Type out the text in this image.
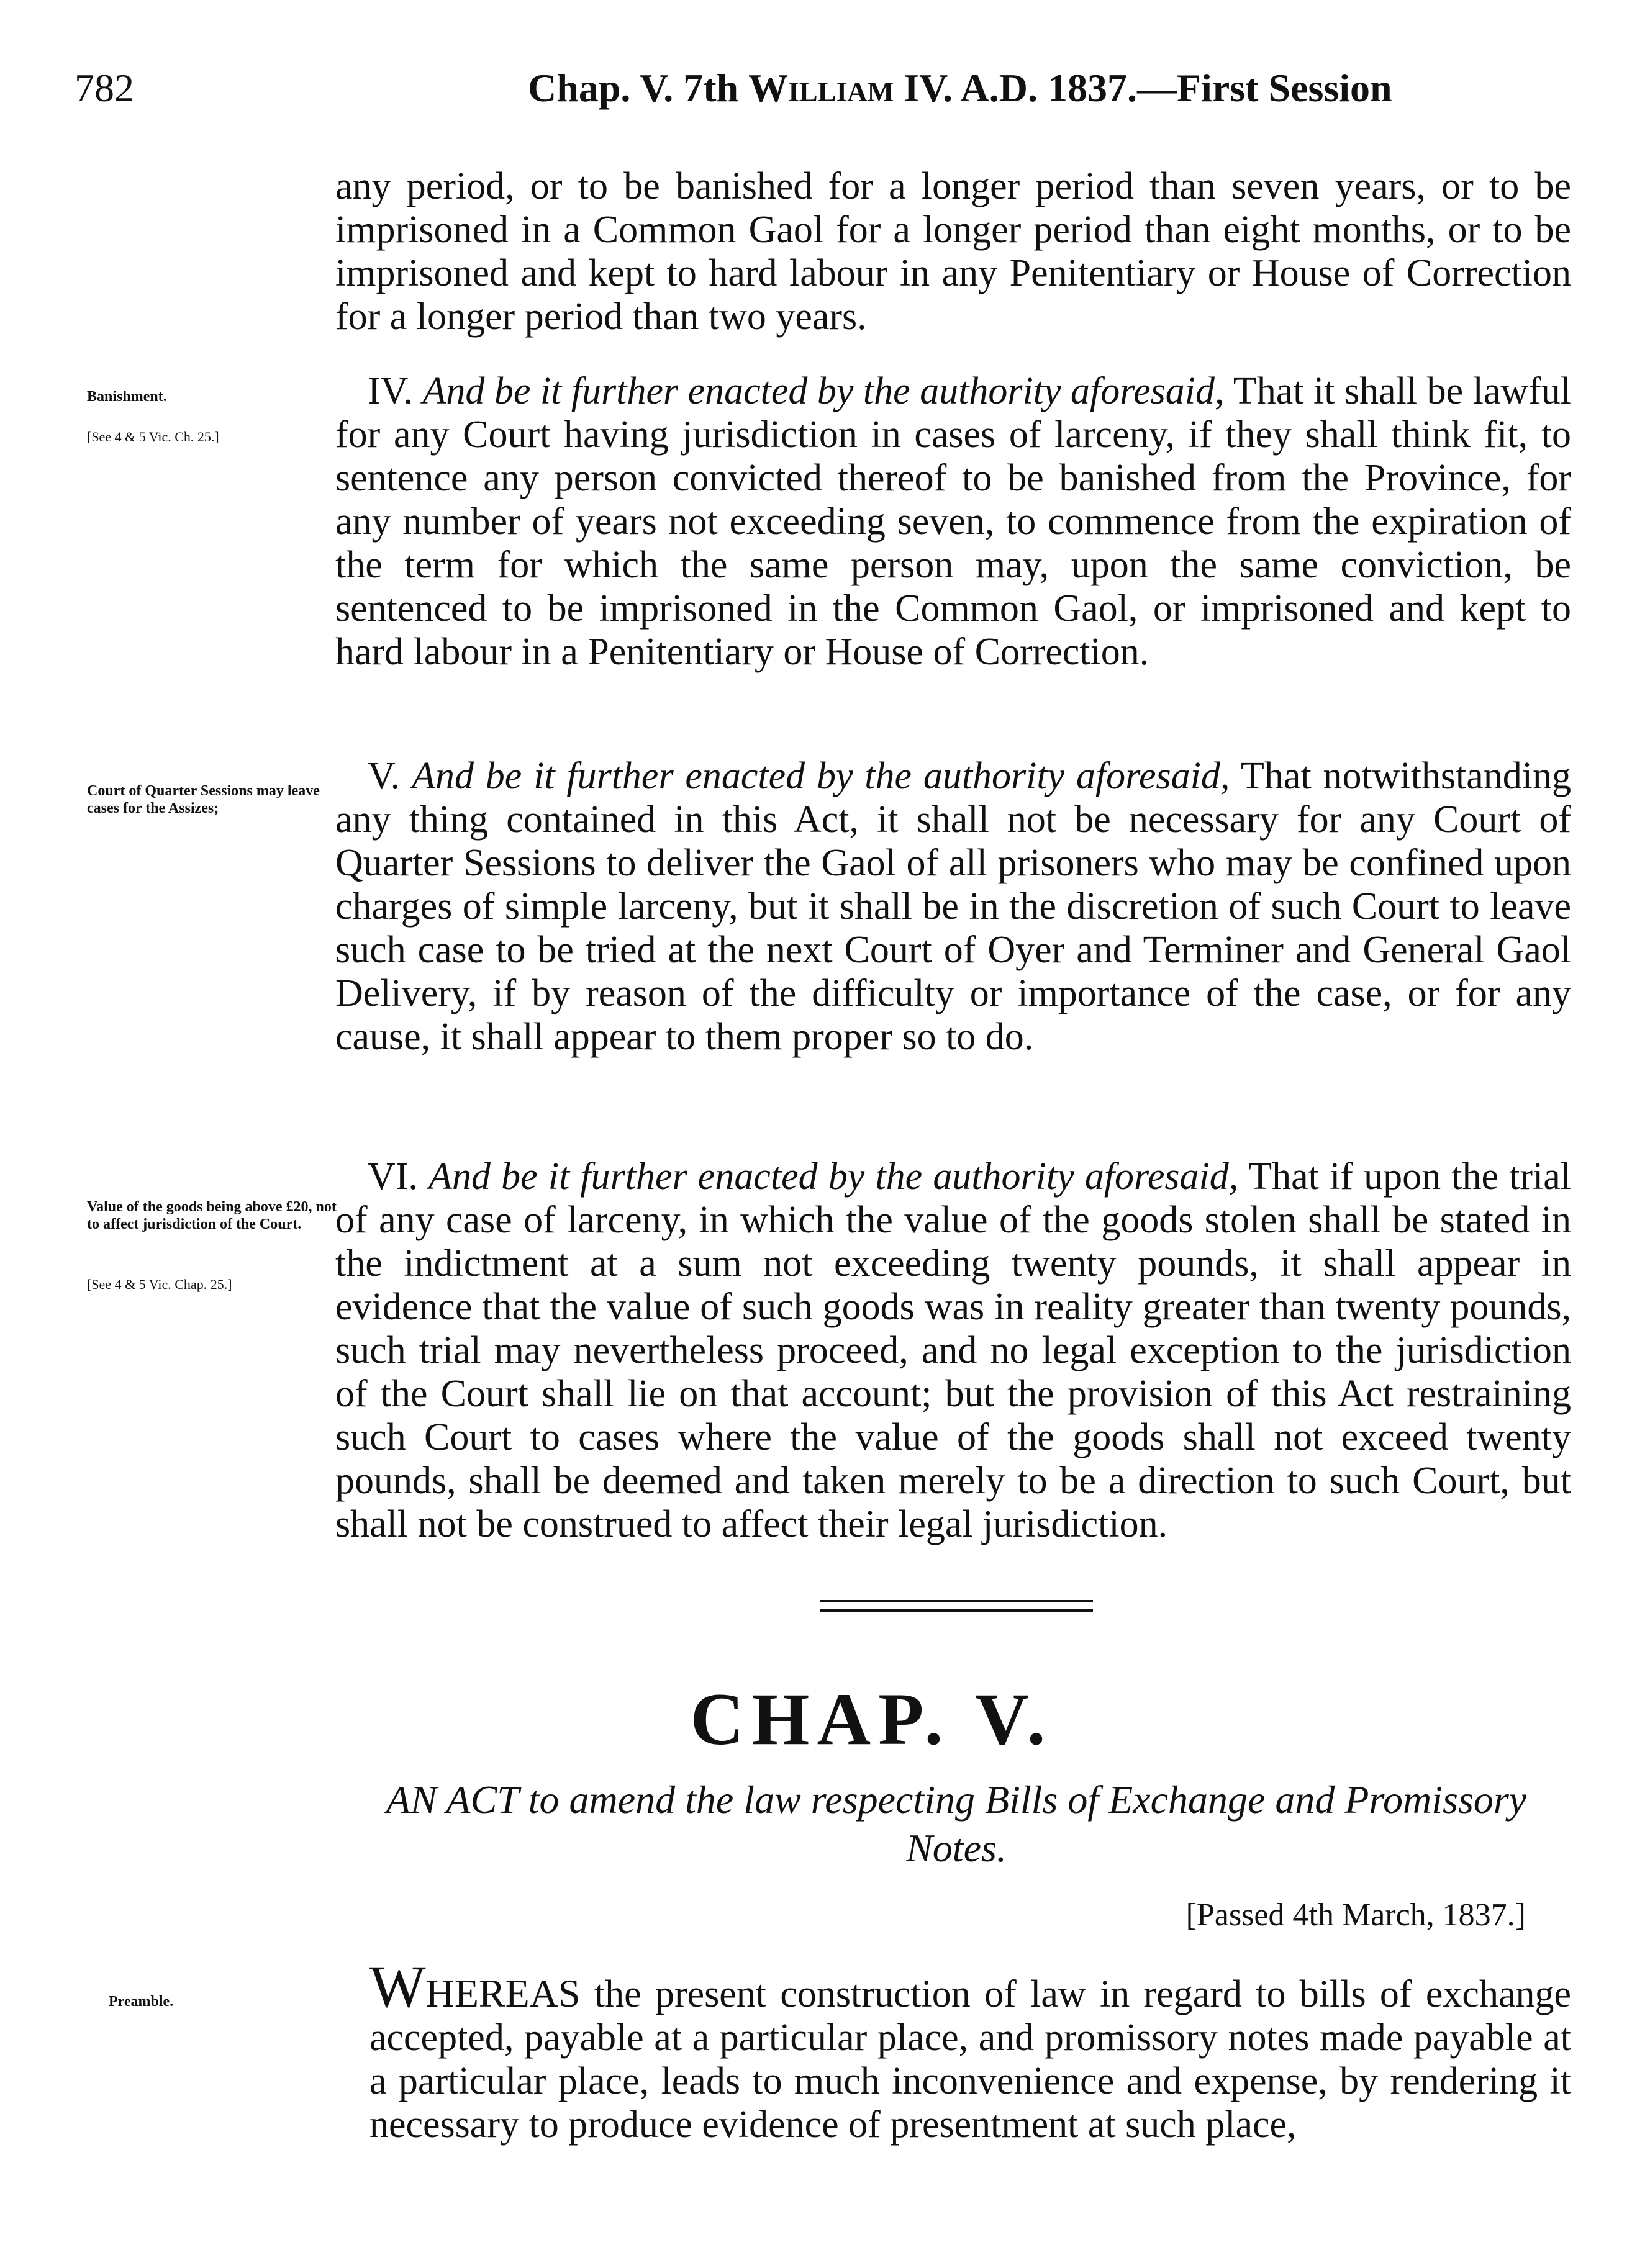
782	Chap. V. 7th William IV. A.D. 1837.—First Session

any period, or to be banished for a longer period than seven years, or to be imprisoned in a Common Gaol for a longer period than eight months, or to be imprisoned and kept to hard labour in any Penitentiary or House of Correction for a longer period than two years.

Banishment.
[See 4 & 5 Vic. Ch. 25.]

IV. And be it further enacted by the authority aforesaid, That it shall be lawful for any Court having jurisdiction in cases of larceny, if they shall think fit, to sentence any person convicted thereof to be banished from the Province, for any number of years not exceeding seven, to commence from the expiration of the term for which the same person may, upon the same conviction, be sentenced to be imprisoned in the Common Gaol, or imprisoned and kept to hard labour in a Penitentiary or House of Correction.

Court of Quarter Sessions may leave cases for the Assizes;

V. And be it further enacted by the authority aforesaid, That notwithstanding any thing contained in this Act, it shall not be necessary for any Court of Quarter Sessions to deliver the Gaol of all prisoners who may be confined upon charges of simple larceny, but it shall be in the discretion of such Court to leave such case to be tried at the next Court of Oyer and Terminer and General Gaol Delivery, if by reason of the difficulty or importance of the case, or for any cause, it shall appear to them proper so to do.

Value of the goods being above £20, not to affect jurisdiction of the Court.
[See 4 & 5 Vic. Chap. 25.]

VI. And be it further enacted by the authority aforesaid, That if upon the trial of any case of larceny, in which the value of the goods stolen shall be stated in the indictment at a sum not exceeding twenty pounds, it shall appear in evidence that the value of such goods was in reality greater than twenty pounds, such trial may nevertheless proceed, and no legal exception to the jurisdiction of the Court shall lie on that account; but the provision of this Act restraining such Court to cases where the value of the goods shall not exceed twenty pounds, shall be deemed and taken merely to be a direction to such Court, but shall not be construed to affect their legal jurisdiction.

CHAP. V.
AN ACT to amend the law respecting Bills of Exchange and Promissory Notes.
[Passed 4th March, 1837.]
Preamble.	WHEREAS the present construction of law in regard to bills of exchange accepted, payable at a particular place, and promissory notes made payable at a particular place, leads to much inconvenience and expense, by rendering it necessary to produce evidence of presentment at such place,
